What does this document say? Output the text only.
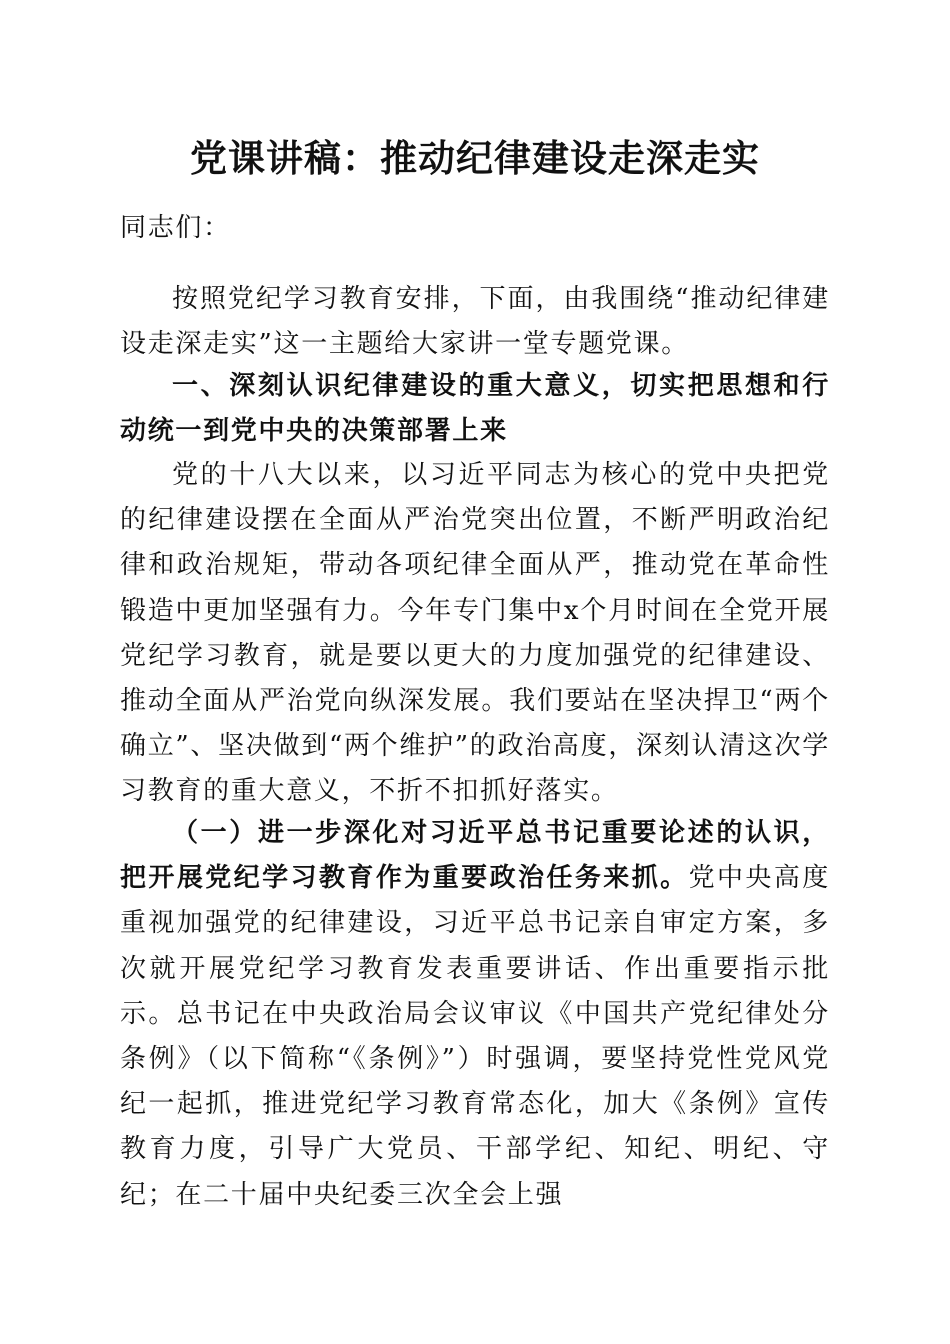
党课讲稿：推动纪律建设走深走实

同志们：

按照党纪学习教育安排，下面，由我围绕“推动纪律建设走深走实”这一主题给大家讲一堂专题党课。

一、深刻认识纪律建设的重大意义，切实把思想和行动统一到党中央的决策部署上来

党的十八大以来，以习近平同志为核心的党中央把党的纪律建设摆在全面从严治党突出位置，不断严明政治纪律和政治规矩，带动各项纪律全面从严，推动党在革命性锻造中更加坚强有力。今年专门集中x个月时间在全党开展党纪学习教育，就是要以更大的力度加强党的纪律建设、推动全面从严治党向纵深发展。我们要站在坚决捍卫“两个确立”、坚决做到“两个维护”的政治高度，深刻认清这次学习教育的重大意义，不折不扣抓好落实。

（一）进一步深化对习近平总书记重要论述的认识，把开展党纪学习教育作为重要政治任务来抓。党中央高度重视加强党的纪律建设，习近平总书记亲自审定方案，多次就开展党纪学习教育发表重要讲话、作出重要指示批示。总书记在中央政治局会议审议《中国共产党纪律处分条例》（以下简称“《条例》”）时强调，要坚持党性党风党纪一起抓，推进党纪学习教育常态化，加大《条例》宣传教育力度，引导广大党员、干部学纪、知纪、明纪、守纪；在二十届中央纪委三次全会上强
